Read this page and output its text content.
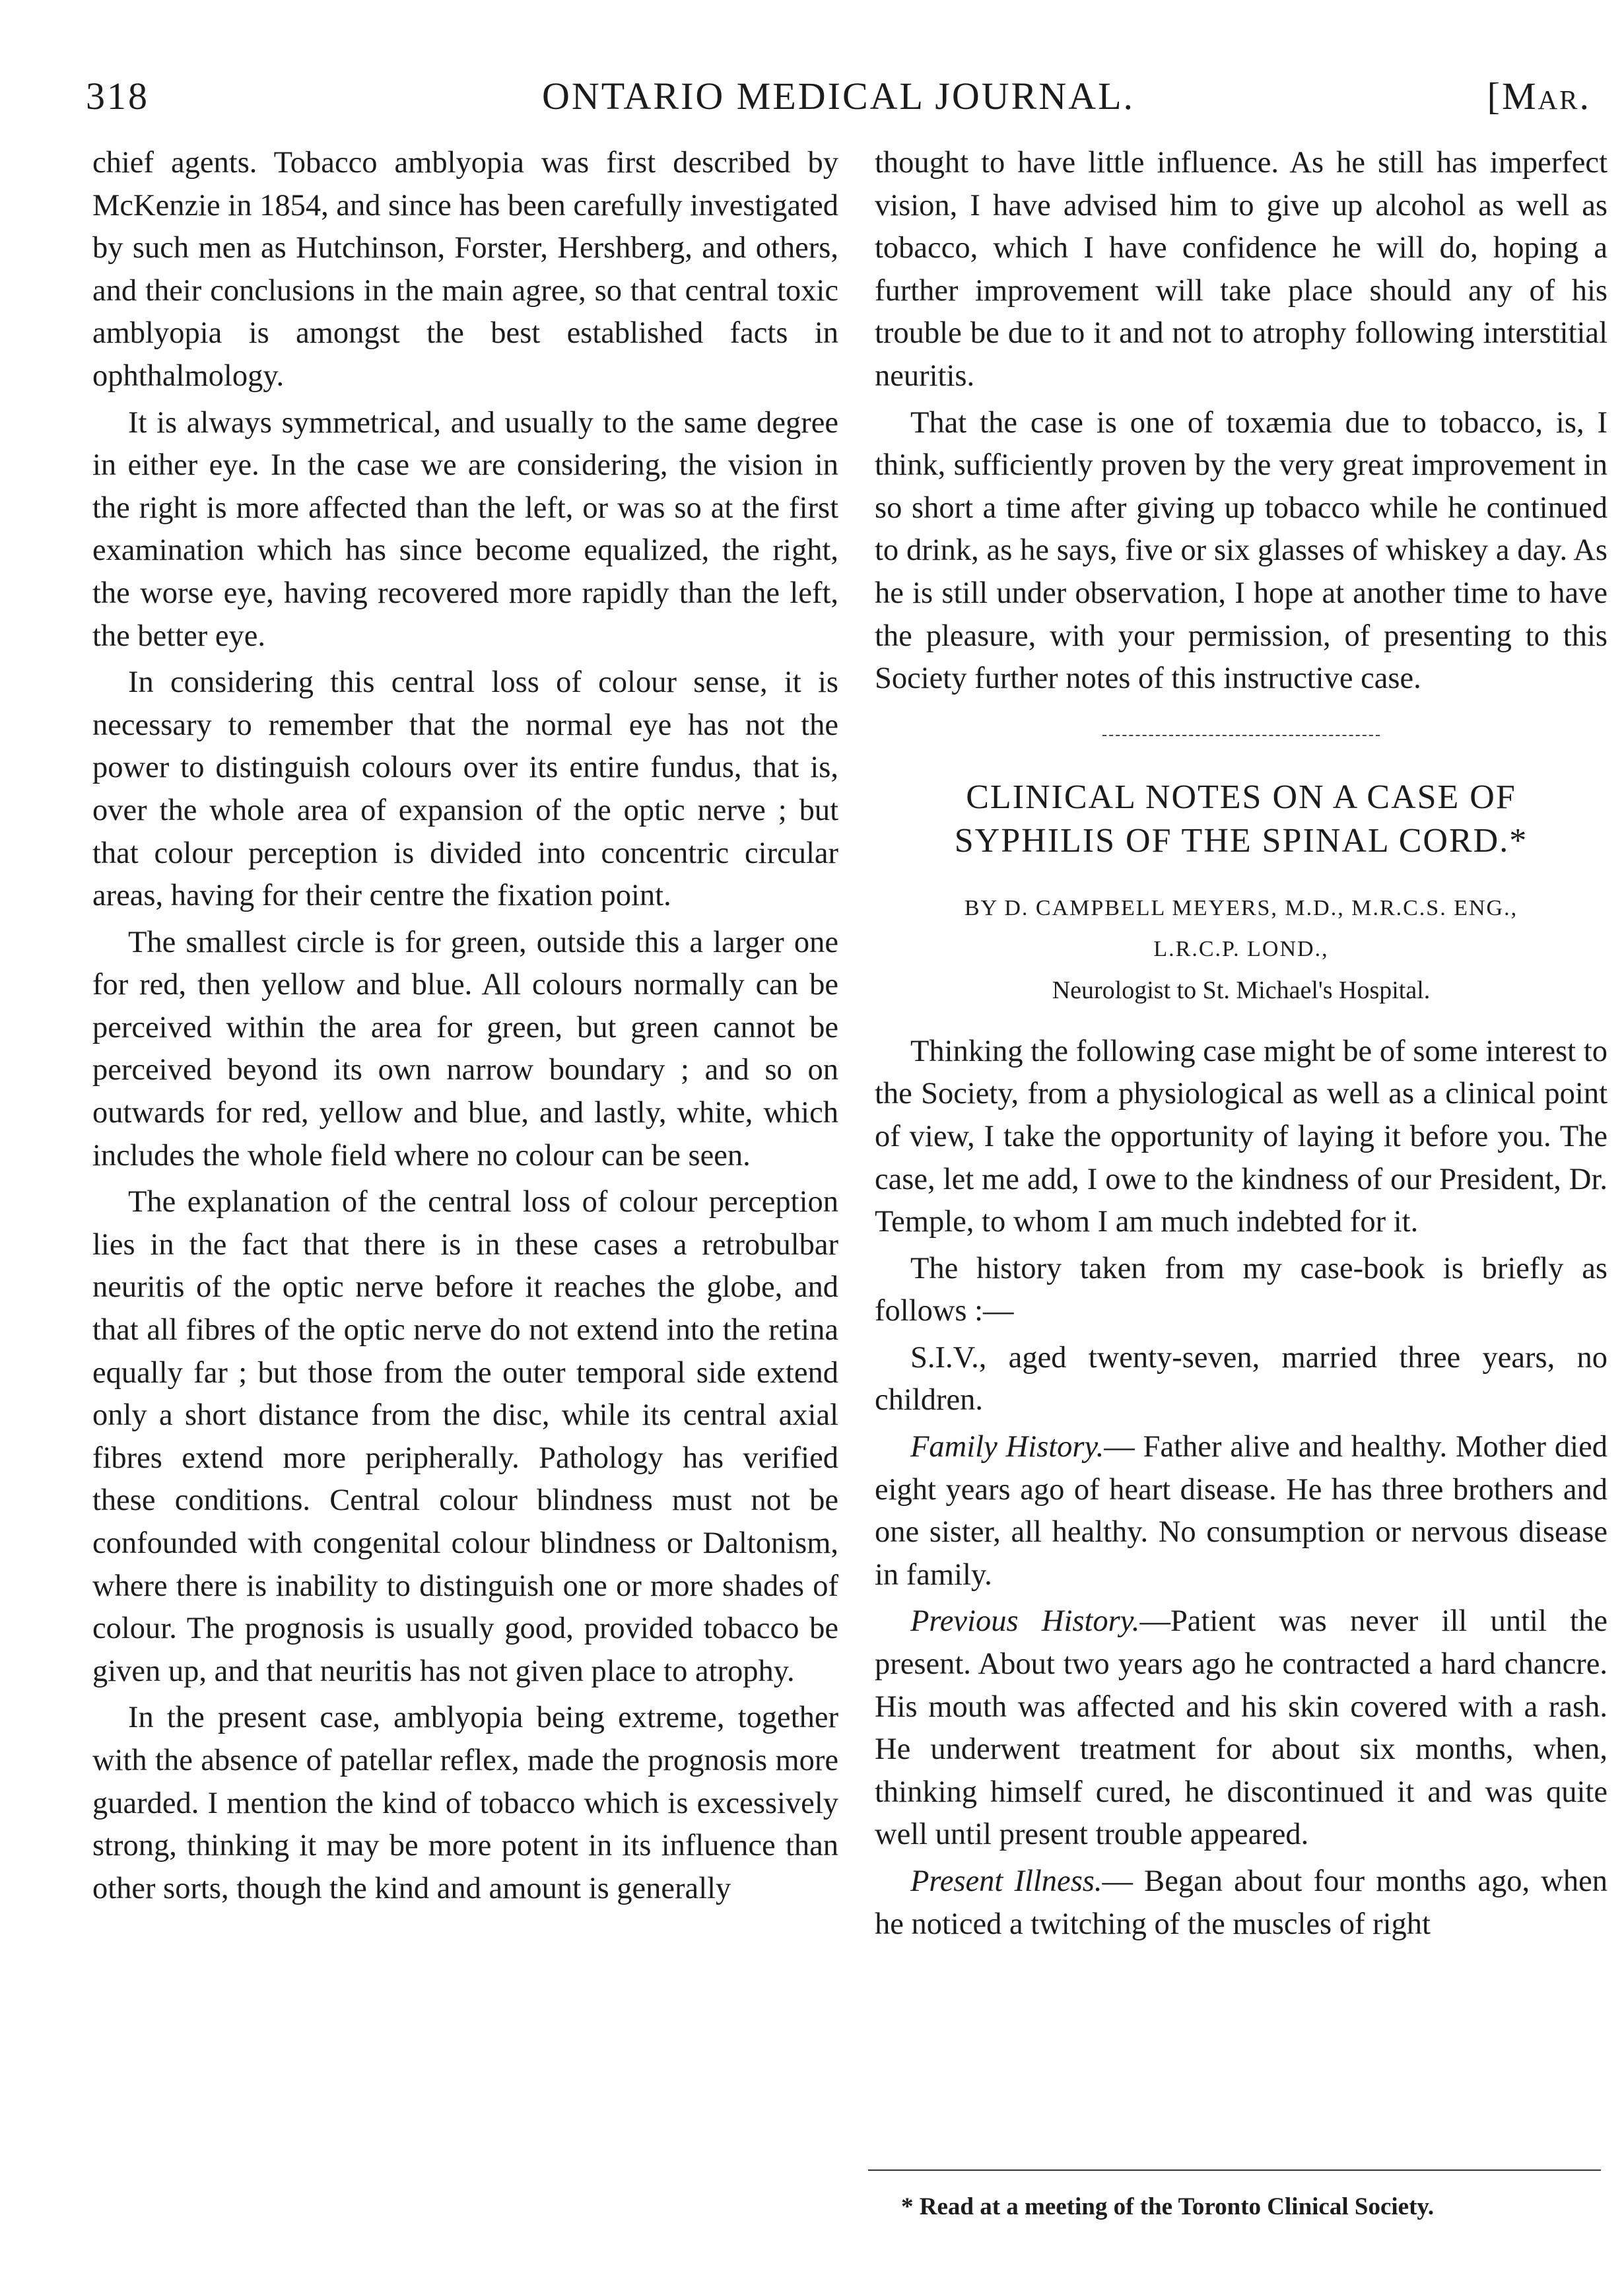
318	ONTARIO MEDICAL JOURNAL.	[Mar.

chief agents. Tobacco amblyopia was first described by McKenzie in 1854, and since has been carefully investigated by such men as Hutchinson, Forster, Hershberg, and others, and their conclusions in the main agree, so that central toxic amblyopia is amongst the best established facts in ophthalmology.

It is always symmetrical, and usually to the same degree in either eye. In the case we are considering, the vision in the right is more affected than the left, or was so at the first examination which has since become equalized, the right, the worse eye, having recovered more rapidly than the left, the better eye.

In considering this central loss of colour sense, it is necessary to remember that the normal eye has not the power to distinguish colours over its entire fundus, that is, over the whole area of expansion of the optic nerve ; but that colour perception is divided into concentric circular areas, having for their centre the fixation point.

The smallest circle is for green, outside this a larger one for red, then yellow and blue. All colours normally can be perceived within the area for green, but green cannot be perceived beyond its own narrow boundary ; and so on outwards for red, yellow and blue, and lastly, white, which includes the whole field where no colour can be seen.

The explanation of the central loss of colour perception lies in the fact that there is in these cases a retrobulbar neuritis of the optic nerve before it reaches the globe, and that all fibres of the optic nerve do not extend into the retina equally far ; but those from the outer temporal side extend only a short distance from the disc, while its central axial fibres extend more peripherally. Pathology has verified these conditions. Central colour blindness must not be confounded with congenital colour blindness or Daltonism, where there is inability to distinguish one or more shades of colour. The prognosis is usually good, provided tobacco be given up, and that neuritis has not given place to atrophy.

In the present case, amblyopia being extreme, together with the absence of patellar reflex, made the prognosis more guarded. I mention the kind of tobacco which is excessively strong, thinking it may be more potent in its influence than other sorts, though the kind and amount is generally

thought to have little influence. As he still has imperfect vision, I have advised him to give up alcohol as well as tobacco, which I have confidence he will do, hoping a further improvement will take place should any of his trouble be due to it and not to atrophy following interstitial neuritis.

That the case is one of toxæmia due to tobacco, is, I think, sufficiently proven by the very great improvement in so short a time after giving up tobacco while he continued to drink, as he says, five or six glasses of whiskey a day. As he is still under observation, I hope at another time to have the pleasure, with your permission, of presenting to this Society further notes of this instructive case.

CLINICAL NOTES ON A CASE OF SYPHILIS OF THE SPINAL CORD.*
BY D. CAMPBELL MEYERS, M.D., M.R.C.S. ENG.,
L.R.C.P. LOND.,
Neurologist to St. Michael's Hospital.

Thinking the following case might be of some interest to the Society, from a physiological as well as a clinical point of view, I take the opportunity of laying it before you. The case, let me add, I owe to the kindness of our President, Dr. Temple, to whom I am much indebted for it.

The history taken from my case-book is briefly as follows :—

S.I.V., aged twenty-seven, married three years, no children.

Family History.— Father alive and healthy. Mother died eight years ago of heart disease. He has three brothers and one sister, all healthy. No consumption or nervous disease in family.

Previous History.—Patient was never ill until the present. About two years ago he contracted a hard chancre. His mouth was affected and his skin covered with a rash. He underwent treatment for about six months, when, thinking himself cured, he discontinued it and was quite well until present trouble appeared.

Present Illness.— Began about four months ago, when he noticed a twitching of the muscles of right

* Read at a meeting of the Toronto Clinical Society.
